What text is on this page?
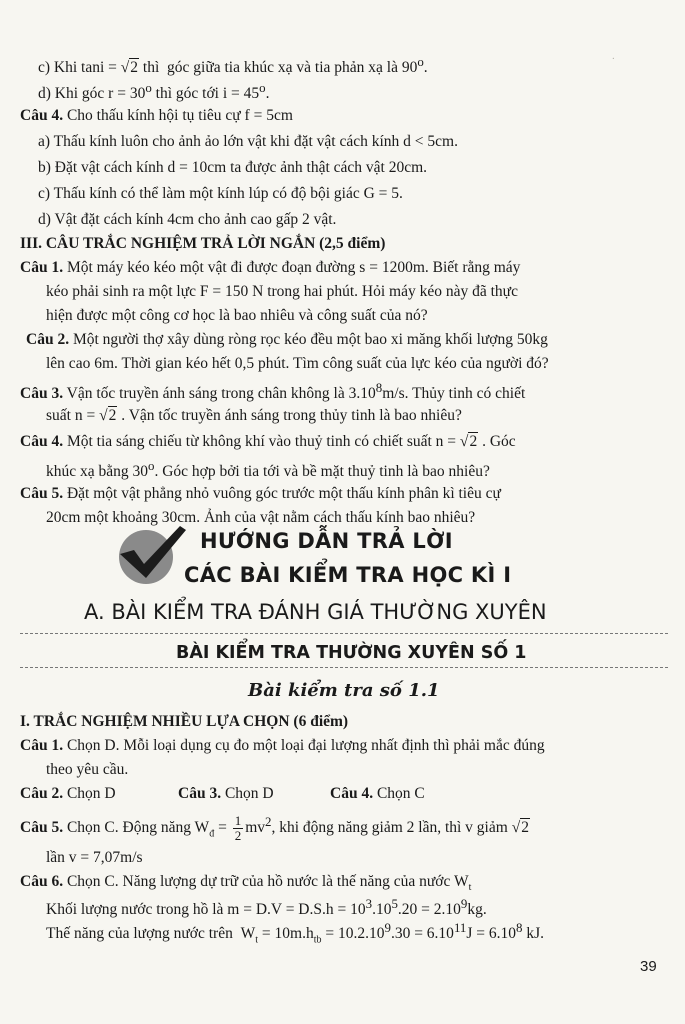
.
c) Khi tani = √2 thì  góc giữa tia khúc xạ và tia phản xạ là 90$^o$.
d) Khi góc $r = 30^o$ thì góc tới $i = 45^o$.
Câu 4. Cho thấu kính hội tụ tiêu cự f = 5cm
a) Thấu kính luôn cho ảnh ảo lớn vật khi đặt vật cách kính d < 5cm.
b) Đặt vật cách kính d = 10cm ta được ảnh thật cách vật 20cm.
c) Thấu kính có thể làm một kính lúp có độ bội giác G = 5.
d) Vật đặt cách kính 4cm cho ảnh cao gấp 2 vật.
III. CÂU TRẮC NGHIỆM TRẢ LỜI NGẮN (2,5 điểm)
Câu 1. Một máy kéo kéo một vật đi được đoạn đường s = 1200m. Biết rằng máy
kéo phải sinh ra một lực F = 150 N trong hai phút. Hỏi máy kéo này đã thực
hiện được một công cơ học là bao nhiêu và công suất của nó?
Câu 2. Một người thợ xây dùng ròng rọc kéo đều một bao xi măng khối lượng 50kg
lên cao 6m. Thời gian kéo hết 0,5 phút. Tìm công suất của lực kéo của người đó?
Câu 3. Vận tốc truyền ánh sáng trong chân không là 3.10$^8$m/s. Thủy tinh có chiết
suất n = √2 . Vận tốc truyền ánh sáng trong thủy tinh là bao nhiêu?
Câu 4. Một tia sáng chiếu từ không khí vào thuỷ tinh có chiết suất n = √2 . Góc
khúc xạ bằng 30$^o$. Góc hợp bởi tia tới và bề mặt thuỷ tinh là bao nhiêu?
Câu 5. Đặt một vật phẳng nhỏ vuông góc trước một thấu kính phân kì tiêu cự
20cm một khoảng 30cm. Ảnh của vật nằm cách thấu kính bao nhiêu?
HƯỚNG DẪN TRẢ LỜI
CÁC BÀI KIỂM TRA HỌC KÌ I
A. BÀI KIỂM TRA ĐÁNH GIÁ THƯỜNG XUYÊN
BÀI KIỂM TRA THƯỜNG XUYÊN SỐ 1
Bài kiểm tra số 1.1
I. TRẮC NGHIỆM NHIỀU LỰA CHỌN (6 điểm)
Câu 1. Chọn D. Mỗi loại dụng cụ đo một loại đại lượng nhất định thì phải mắc đúng
theo yêu cầu.
Câu 2. Chọn D	Câu 3. Chọn D	Câu 4. Chọn C
Câu 5. Chọn C. Động năng $W_đ = \frac{1}{2} mv^2$, khi động năng giảm 2 lần, thì v giảm √2
lần v = 7,07m/s
Câu 6. Chọn C. Năng lượng dự trữ của hồ nước là thế năng của nước $W_t$
Khối lượng nước trong hồ là $m = D.V = D.S.h = 10^3.10^5.20 = 2.10^9kg$.
Thế năng của lượng nước trên  $W_t = 10m.h_{tb} = 10.2.10^9.30 = 6.10^{11}J = 6.10^8$ kJ.
39
